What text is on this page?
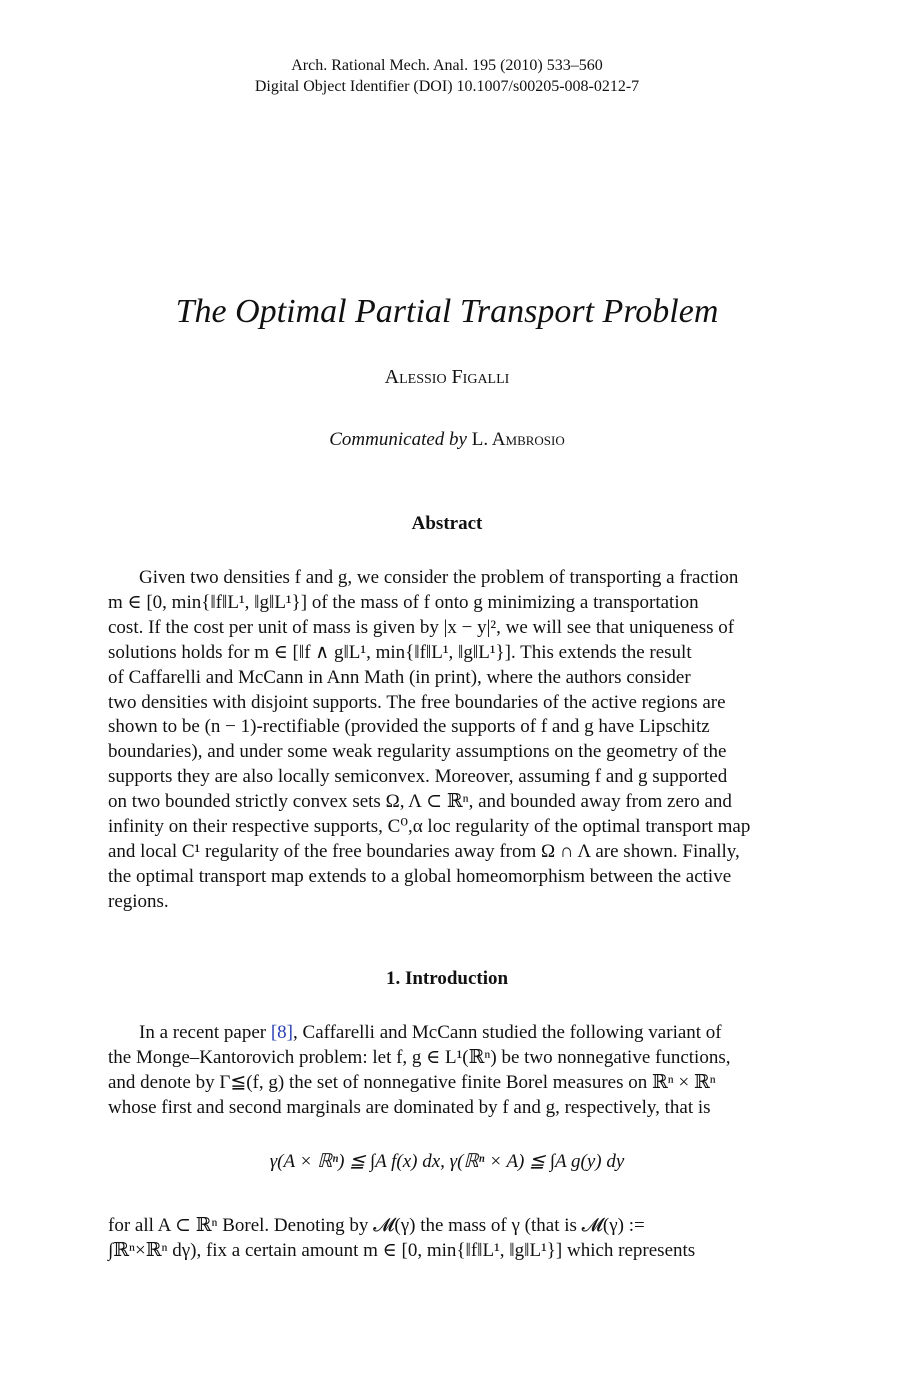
Arch. Rational Mech. Anal. 195 (2010) 533–560
Digital Object Identifier (DOI) 10.1007/s00205-008-0212-7
The Optimal Partial Transport Problem
Alessio Figalli
Communicated by L. Ambrosio
Abstract
Given two densities f and g, we consider the problem of transporting a fraction
m ∈ [0, min{‖f‖L¹, ‖g‖L¹}] of the mass of f onto g minimizing a transportation
cost. If the cost per unit of mass is given by |x − y|², we will see that uniqueness of
solutions holds for m ∈ [‖f ∧ g‖L¹, min{‖f‖L¹, ‖g‖L¹}]. This extends the result
of Caffarelli and McCann in Ann Math (in print), where the authors consider
two densities with disjoint supports. The free boundaries of the active regions are
shown to be (n − 1)-rectifiable (provided the supports of f and g have Lipschitz
boundaries), and under some weak regularity assumptions on the geometry of the
supports they are also locally semiconvex. Moreover, assuming f and g supported
on two bounded strictly convex sets Ω, Λ ⊂ ℝⁿ, and bounded away from zero and
infinity on their respective supports, C⁰,α loc regularity of the optimal transport map
and local C¹ regularity of the free boundaries away from Ω ∩ Λ are shown. Finally,
the optimal transport map extends to a global homeomorphism between the active
regions.
1. Introduction
In a recent paper [8], Caffarelli and McCann studied the following variant of
the Monge–Kantorovich problem: let f, g ∈ L¹(ℝⁿ) be two nonnegative functions,
and denote by Γ≦(f, g) the set of nonnegative finite Borel measures on ℝⁿ × ℝⁿ
whose first and second marginals are dominated by f and g, respectively, that is
γ(A × ℝⁿ) ≦ ∫A f(x) dx, γ(ℝⁿ × A) ≦ ∫A g(y) dy
for all A ⊂ ℝⁿ Borel. Denoting by 𝓜(γ) the mass of γ (that is 𝓜(γ) :=
∫ℝⁿ×ℝⁿ dγ), fix a certain amount m ∈ [0, min{‖f‖L¹, ‖g‖L¹}] which represents
